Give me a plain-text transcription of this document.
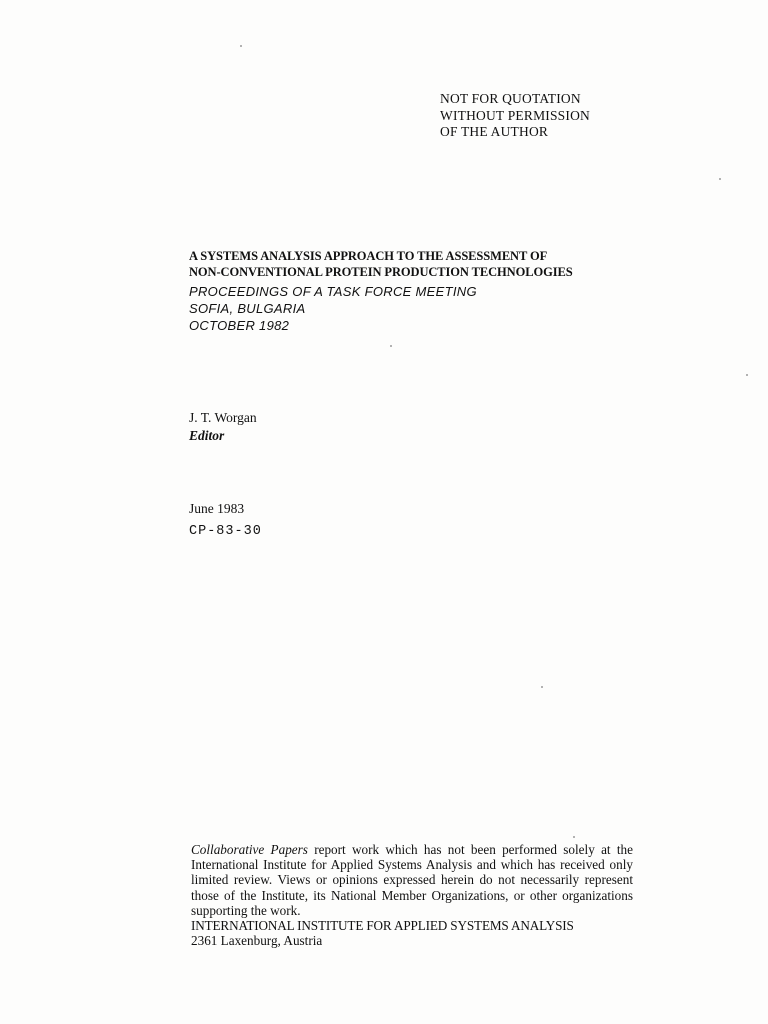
NOT FOR QUOTATION
WITHOUT PERMISSION
OF THE AUTHOR
A SYSTEMS ANALYSIS APPROACH TO THE ASSESSMENT OF
NON-CONVENTIONAL PROTEIN PRODUCTION TECHNOLOGIES
PROCEEDINGS OF A TASK FORCE MEETING
SOFIA, BULGARIA
OCTOBER 1982
J. T. Worgan
Editor
June 1983
CP-83-30

Collaborative Papers report work which has not been performed solely at the International Institute for Applied Systems Analysis and which has received only limited review. Views or opinions expressed herein do not necessarily represent those of the Institute, its National Member Organizations, or other organizations supporting the work.

INTERNATIONAL INSTITUTE FOR APPLIED SYSTEMS ANALYSIS
2361 Laxenburg, Austria
